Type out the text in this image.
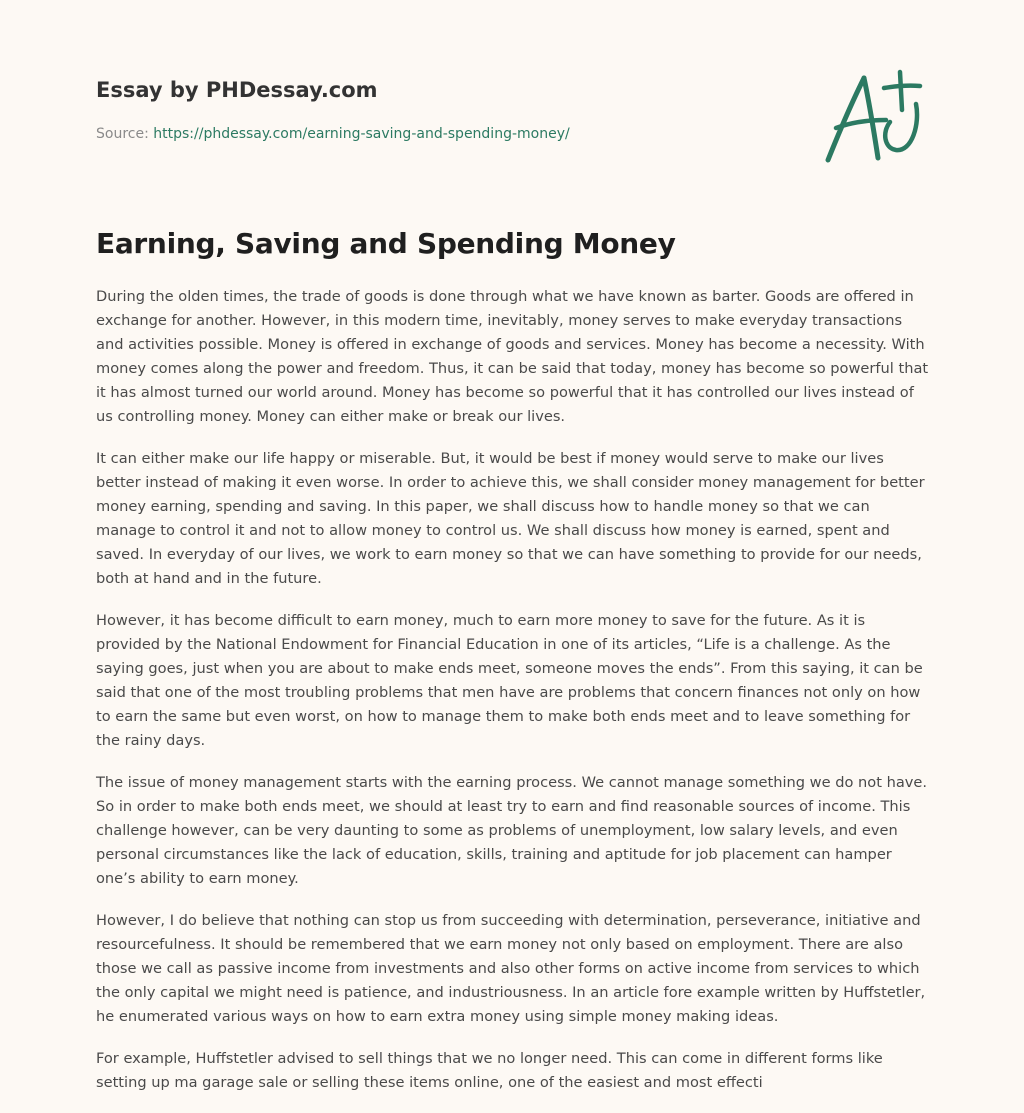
Essay by PHDessay.com
Source: https://phdessay.com/earning-saving-and-spending-money/
Earning, Saving and Spending Money

During the olden times, the trade of goods is done through what we have known as barter. Goods are offered in exchange for another. However, in this modern time, inevitably, money serves to make everyday transactions and activities possible. Money is offered in exchange of goods and services. Money has become a necessity. With money comes along the power and freedom. Thus, it can be said that today, money has become so powerful that it has almost turned our world around. Money has become so powerful that it has controlled our lives instead of us controlling money. Money can either make or break our lives.

It can either make our life happy or miserable. But, it would be best if money would serve to make our lives better instead of making it even worse. In order to achieve this, we shall consider money management for better money earning, spending and saving. In this paper, we shall discuss how to handle money so that we can manage to control it and not to allow money to control us. We shall discuss how money is earned, spent and saved. In everyday of our lives, we work to earn money so that we can have something to provide for our needs, both at hand and in the future.

However, it has become difficult to earn money, much to earn more money to save for the future. As it is provided by the National Endowment for Financial Education in one of its articles, “Life is a challenge. As the saying goes, just when you are about to make ends meet, someone moves the ends”. From this saying, it can be said that one of the most troubling problems that men have are problems that concern finances not only on how to earn the same but even worst, on how to manage them to make both ends meet and to leave something for the rainy days.

The issue of money management starts with the earning process. We cannot manage something we do not have. So in order to make both ends meet, we should at least try to earn and find reasonable sources of income. This challenge however, can be very daunting to some as problems of unemployment, low salary levels, and even personal circumstances like the lack of education, skills, training and aptitude for job placement can hamper one’s ability to earn money.

However, I do believe that nothing can stop us from succeeding with determination, perseverance, initiative and resourcefulness. It should be remembered that we earn money not only based on employment. There are also those we call as passive income from investments and also other forms on active income from services to which the only capital we might need is patience, and industriousness. In an article fore example written by Huffstetler, he enumerated various ways on how to earn extra money using simple money making ideas.

For example, Huffstetler advised to sell things that we no longer need. This can come in different forms like setting up ma garage sale or selling these items online, one of the easiest and most effecti
